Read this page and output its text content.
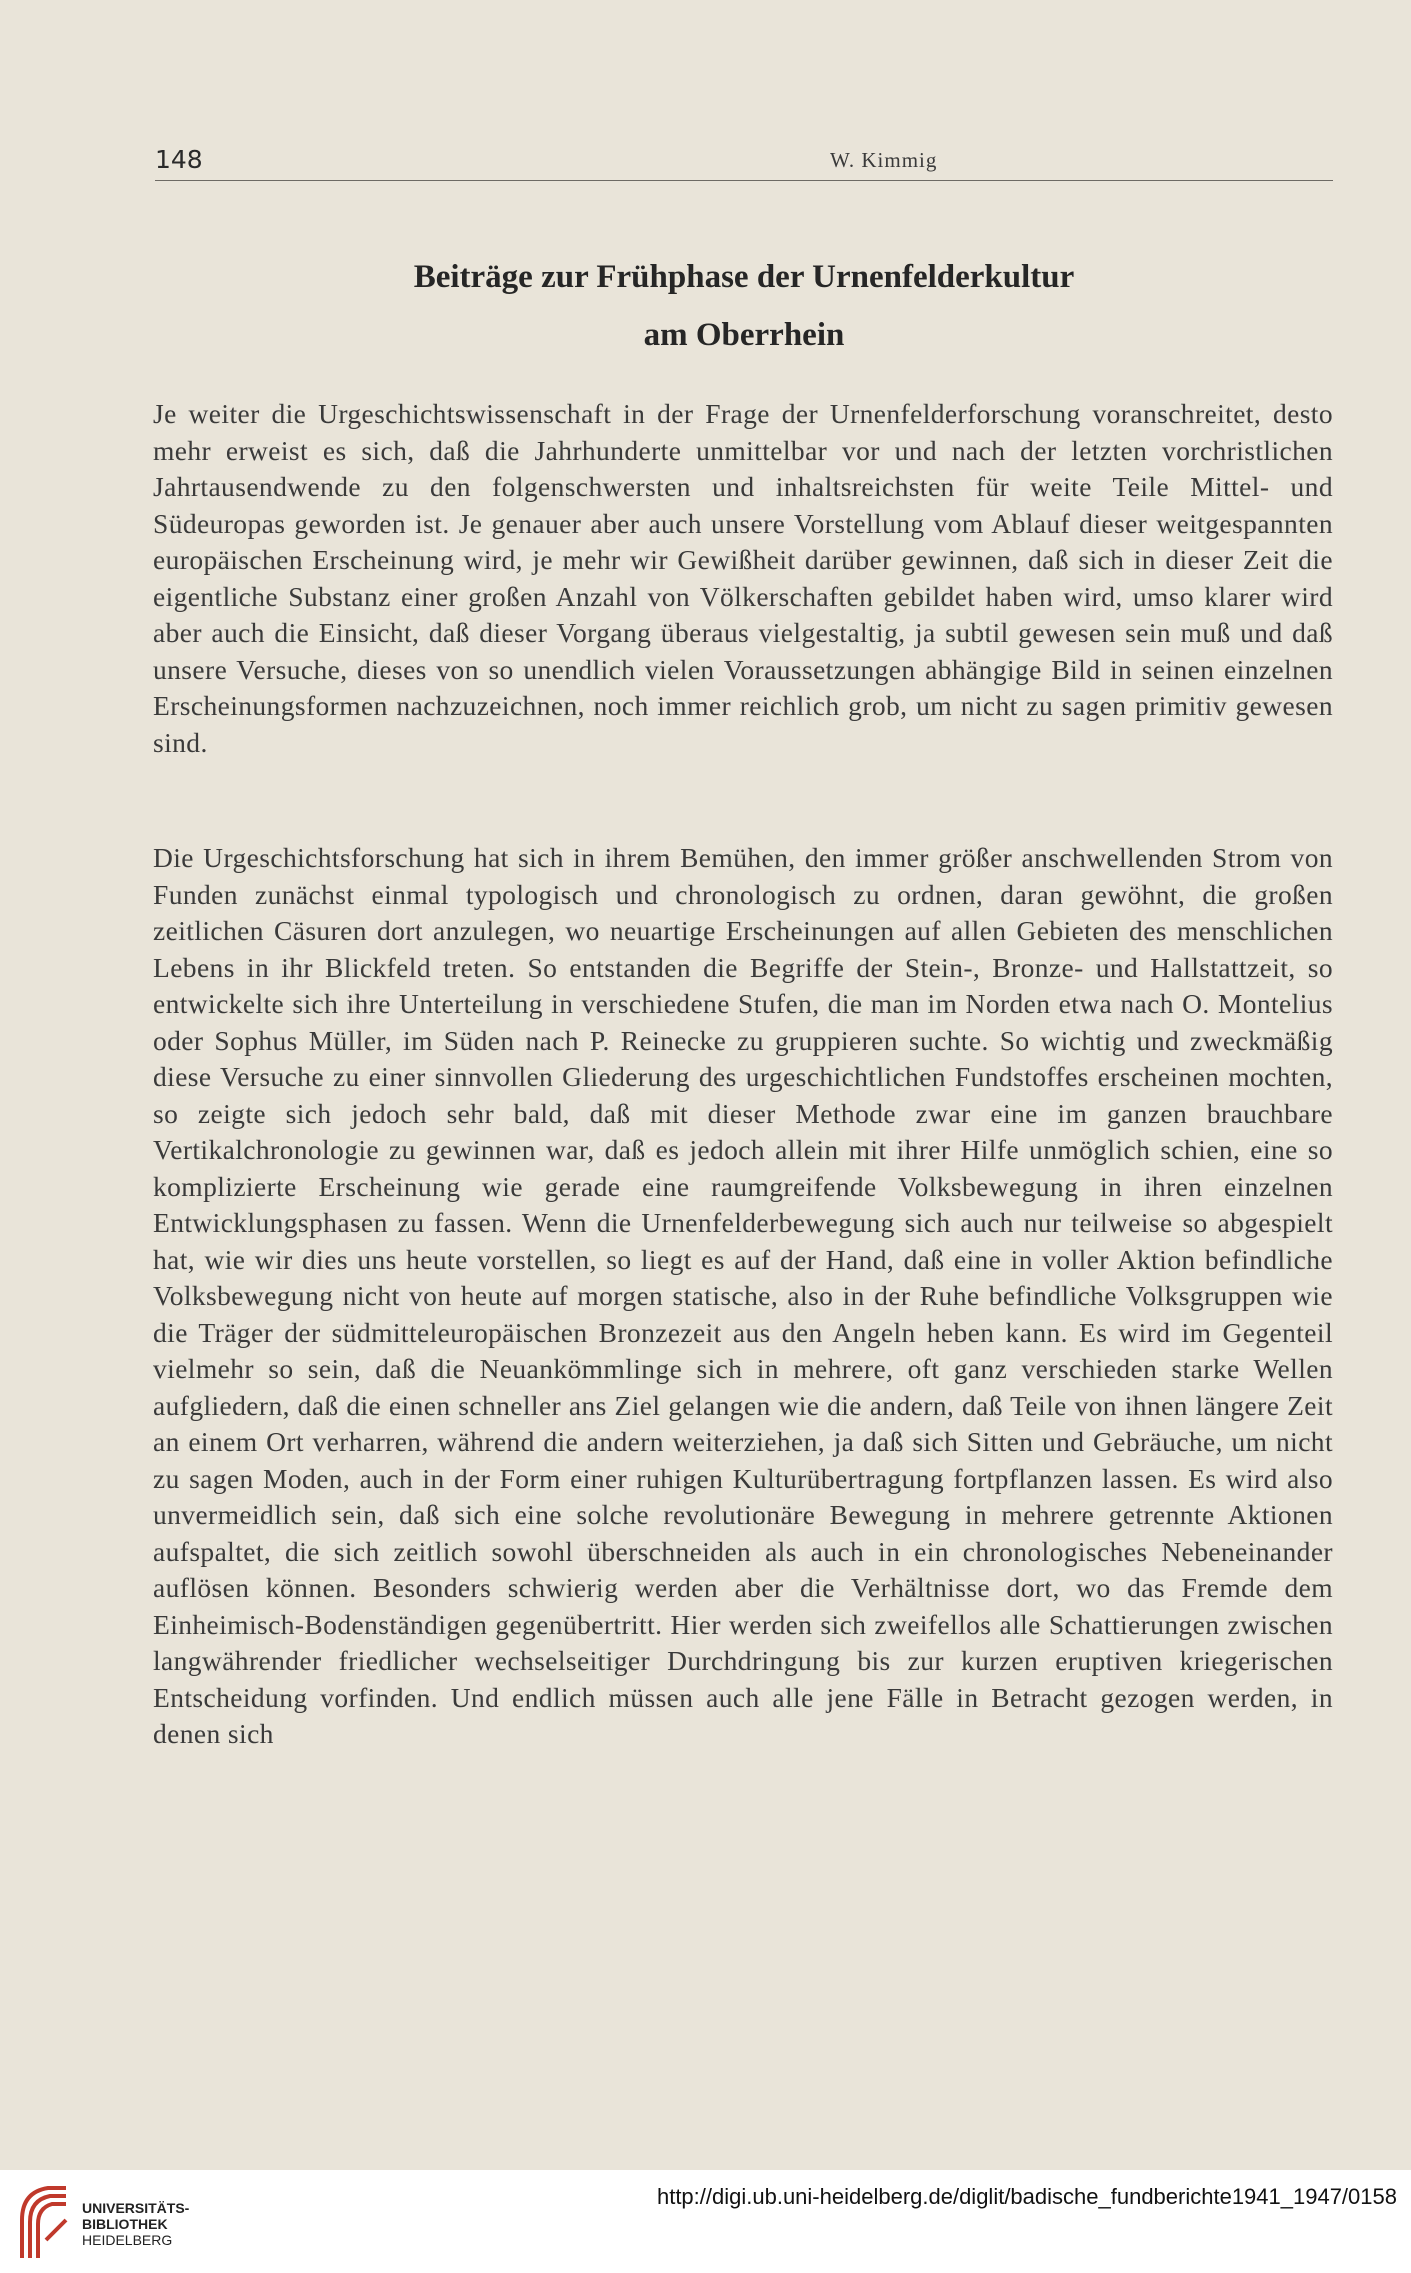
148	W. Kimmig
Beiträge zur Frühphase der Urnenfelderkultur
am Oberrhein

Je weiter die Urgeschichtswissenschaft in der Frage der Urnenfelderforschung voranschreitet, desto mehr erweist es sich, daß die Jahrhunderte unmittelbar vor und nach der letzten vorchristlichen Jahrtausendwende zu den folgenschwersten und inhaltsreichsten für weite Teile Mittel- und Südeuropas geworden ist. Je genauer aber auch unsere Vorstellung vom Ablauf dieser weitgespannten europäischen Erscheinung wird, je mehr wir Gewißheit darüber gewinnen, daß sich in dieser Zeit die eigentliche Substanz einer großen Anzahl von Völkerschaften gebildet haben wird, umso klarer wird aber auch die Einsicht, daß dieser Vorgang überaus vielgestaltig, ja subtil gewesen sein muß und daß unsere Versuche, dieses von so unendlich vielen Voraussetzungen abhängige Bild in seinen einzelnen Erscheinungsformen nachzuzeichnen, noch immer reichlich grob, um nicht zu sagen primitiv gewesen sind.

Die Urgeschichtsforschung hat sich in ihrem Bemühen, den immer größer anschwellenden Strom von Funden zunächst einmal typologisch und chronologisch zu ordnen, daran gewöhnt, die großen zeitlichen Cäsuren dort anzulegen, wo neuartige Erscheinungen auf allen Gebieten des menschlichen Lebens in ihr Blickfeld treten. So entstanden die Begriffe der Stein-, Bronze- und Hallstattzeit, so entwickelte sich ihre Unterteilung in verschiedene Stufen, die man im Norden etwa nach O. Montelius oder Sophus Müller, im Süden nach P. Reinecke zu gruppieren suchte. So wichtig und zweckmäßig diese Versuche zu einer sinnvollen Gliederung des urgeschichtlichen Fundstoffes erscheinen mochten, so zeigte sich jedoch sehr bald, daß mit dieser Methode zwar eine im ganzen brauchbare Vertikalchronologie zu gewinnen war, daß es jedoch allein mit ihrer Hilfe unmöglich schien, eine so komplizierte Erscheinung wie gerade eine raumgreifende Volksbewegung in ihren einzelnen Entwicklungsphasen zu fassen. Wenn die Urnenfelderbewegung sich auch nur teilweise so abgespielt hat, wie wir dies uns heute vorstellen, so liegt es auf der Hand, daß eine in voller Aktion befindliche Volksbewegung nicht von heute auf morgen statische, also in der Ruhe befindliche Volksgruppen wie die Träger der südmitteleuropäischen Bronzezeit aus den Angeln heben kann. Es wird im Gegenteil vielmehr so sein, daß die Neuankömmlinge sich in mehrere, oft ganz verschieden starke Wellen aufgliedern, daß die einen schneller ans Ziel gelangen wie die andern, daß Teile von ihnen längere Zeit an einem Ort verharren, während die andern weiterziehen, ja daß sich Sitten und Gebräuche, um nicht zu sagen Moden, auch in der Form einer ruhigen Kulturübertragung fortpflanzen lassen. Es wird also unvermeidlich sein, daß sich eine solche revolutionäre Bewegung in mehrere getrennte Aktionen aufspaltet, die sich zeitlich sowohl überschneiden als auch in ein chronologisches Nebeneinander auflösen können. Besonders schwierig werden aber die Verhältnisse dort, wo das Fremde dem Einheimisch-Bodenständigen gegenübertritt. Hier werden sich zweifellos alle Schattierungen zwischen langwährender friedlicher wechselseitiger Durchdringung bis zur kurzen eruptiven kriegerischen Entscheidung vorfinden. Und endlich müssen auch alle jene Fälle in Betracht gezogen werden, in denen sich

UNIVERSITÄTS-
BIBLIOTHEK
HEIDELBERG
http://digi.ub.uni-heidelberg.de/diglit/badische_fundberichte1941_1947/0158
